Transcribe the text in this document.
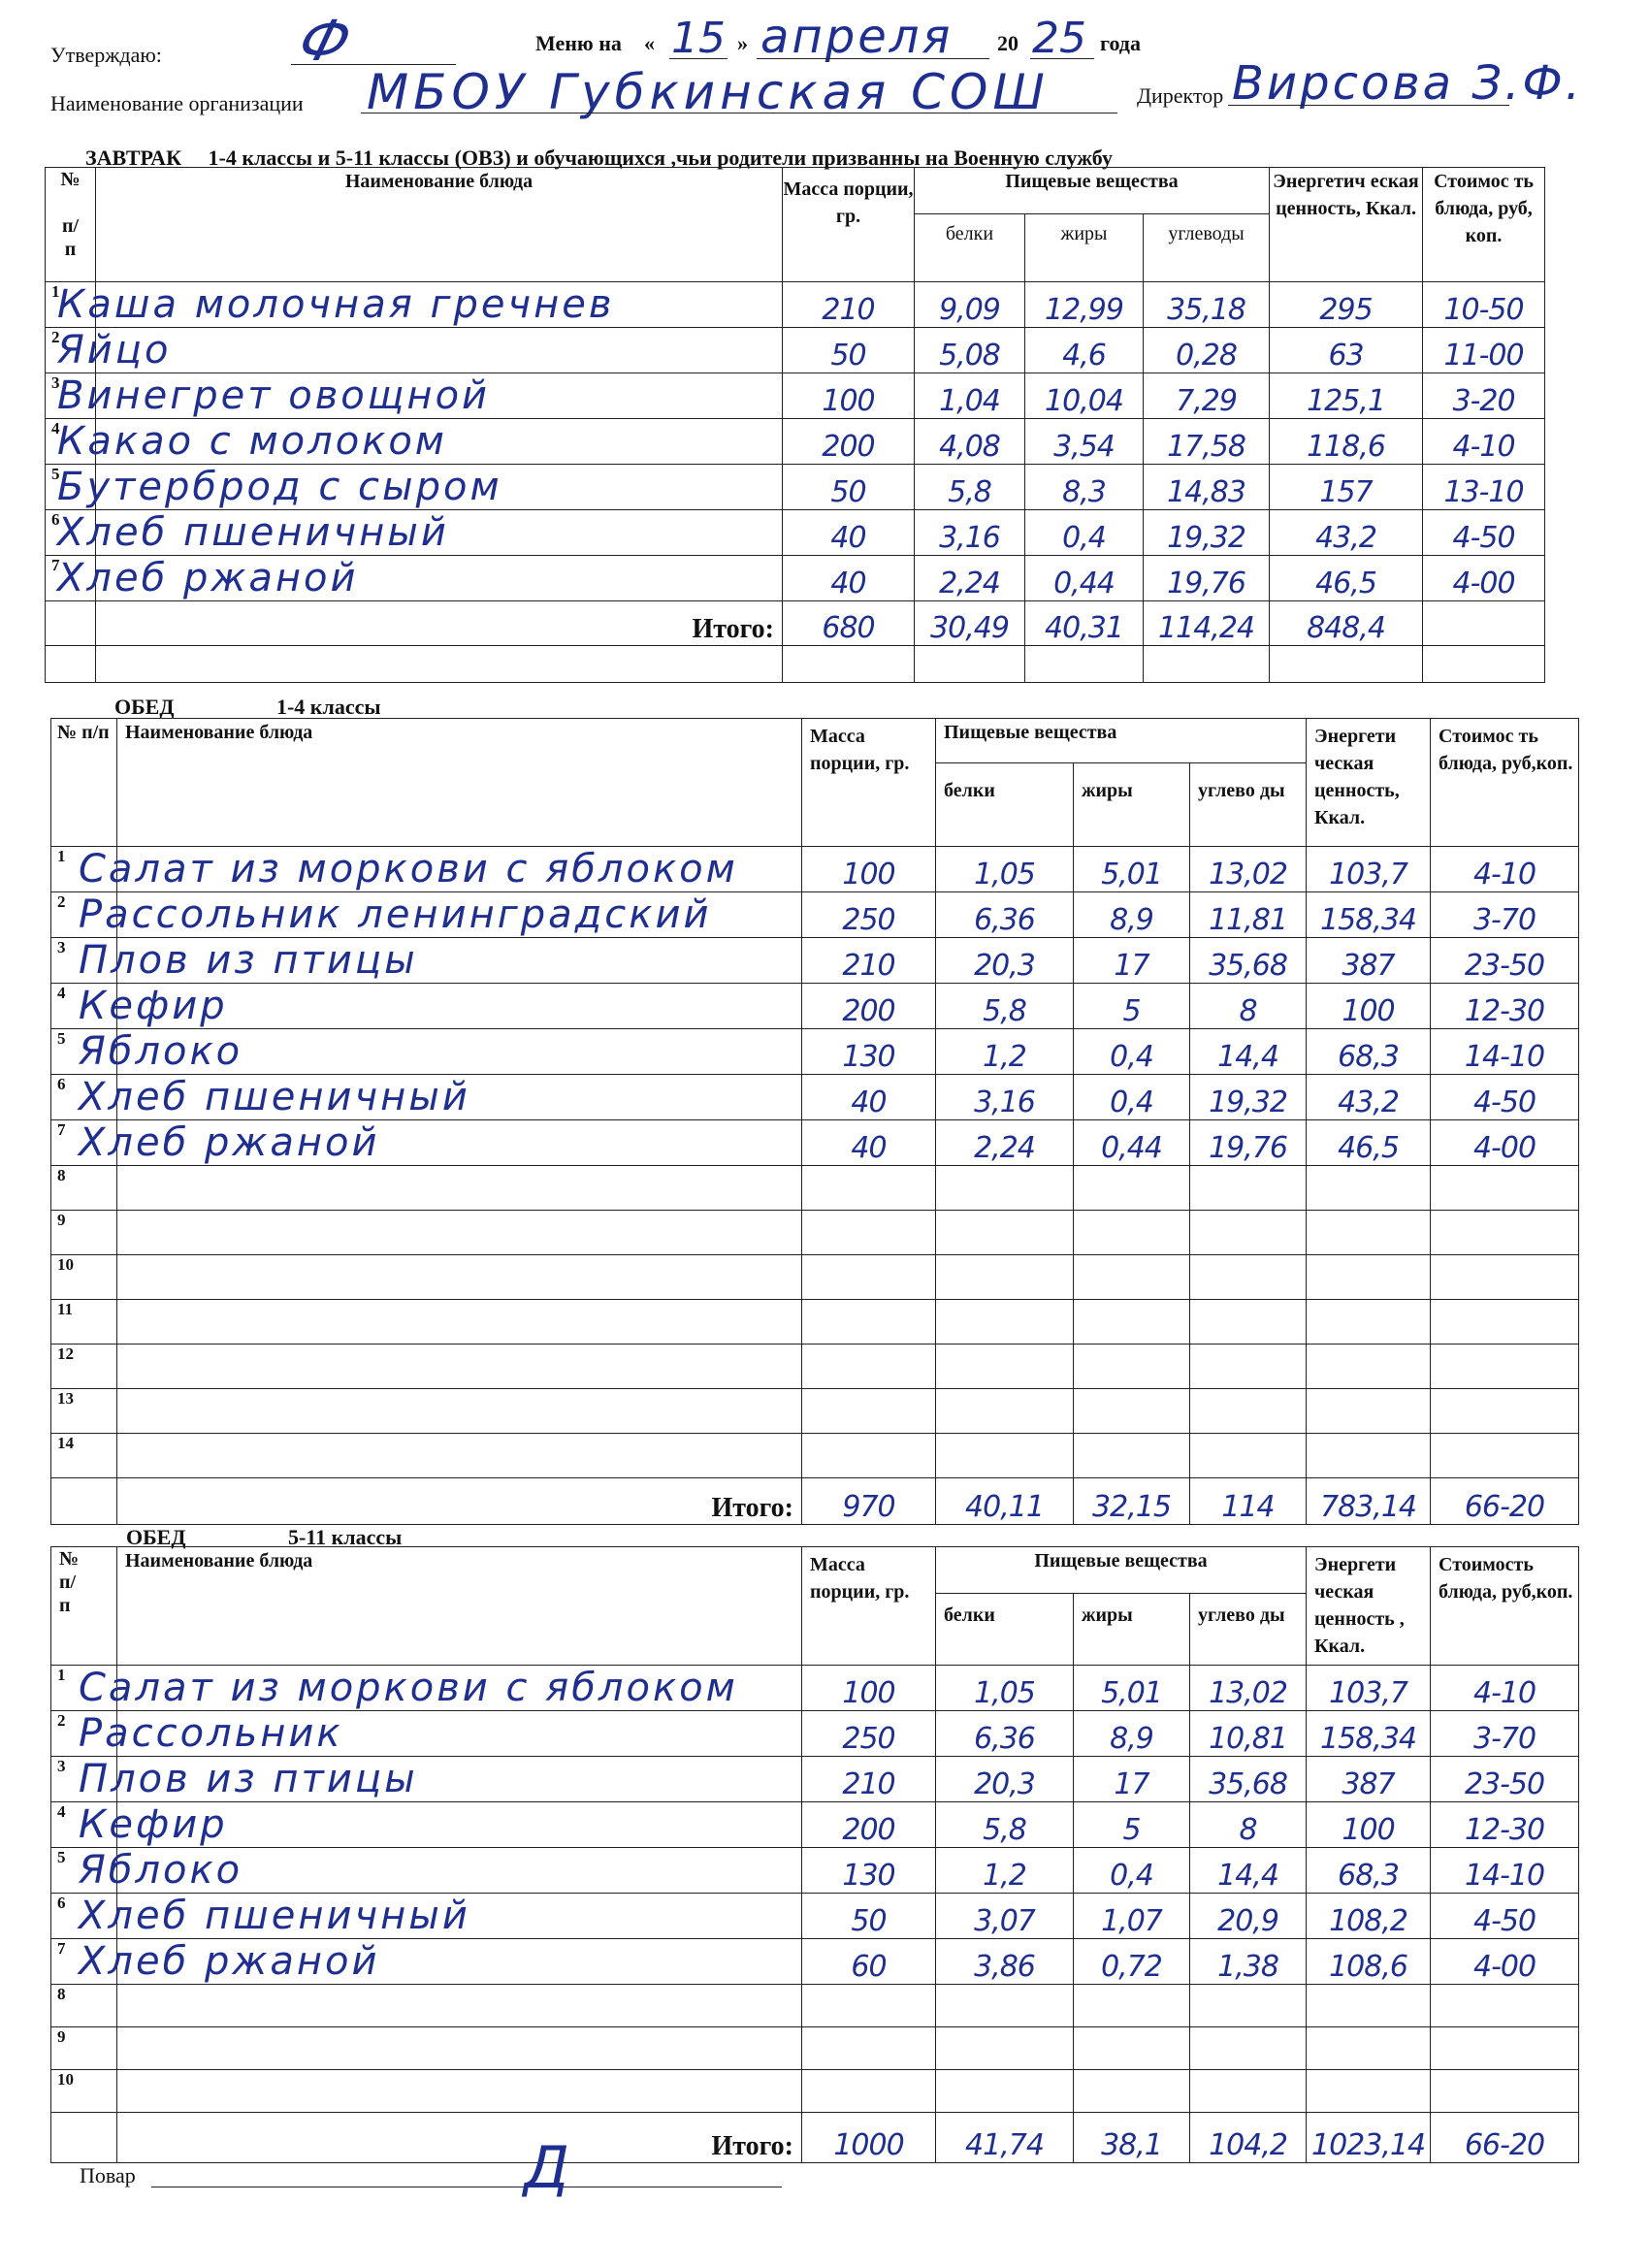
Утверждаю: Ф	Меню на « 15 » апреля 20 25 года
Наименование организации МБОУ Губкинская СОШ	Директор Вирсова З.Ф.
ЗАВТРАК 1-4 классы и 5-11 классы (ОВЗ) и обучающихся ,чьи родители призванны на Военную службу
№

п/
п	Наименование блюда	Масса порции, гр.	Пищевые вещества			Энергетич еская ценность, Ккал.	Стоимос ть блюда, руб, коп.
			белки	жиры	углеводы		
1	Каша молочная гречнев	210	9,09	12,99	35,18	295	10-50
2	Яйцо	50	5,08	4,6	0,28	63	11-00
3	Винегрет овощной	100	1,04	10,04	7,29	125,1	3-20
4	Какао с молоком	200	4,08	3,54	17,58	118,6	4-10
5	Бутерброд с сыром	50	5,8	8,3	14,83	157	13-10
6	Хлеб пшеничный	40	3,16	0,4	19,32	43,2	4-50
7	Хлеб ржаной	40	2,24	0,44	19,76	46,5	4-00
	Итого:	680	30,49	40,31	114,24	848,4	

ОБЕД	1-4 классы
№ п/п	Наименование блюда	Масса порции, гр.	Пищевые вещества			Энергети ческая ценность, Ккал.	Стоимос ть блюда, руб,коп.
			белки	жиры	углево ды		
1	Салат из моркови с яблоком	100	1,05	5,01	13,02	103,7	4-10
2	Рассольник ленинградский	250	6,36	8,9	11,81	158,34	3-70
3	Плов из птицы	210	20,3	17	35,68	387	23-50
4	Кефир	200	5,8	5	8	100	12-30
5	Яблоко	130	1,2	0,4	14,4	68,3	14-10
6	Хлеб пшеничный	40	3,16	0,4	19,32	43,2	4-50
7	Хлеб ржаной	40	2,24	0,44	19,76	46,5	4-00
8							
9							
10							
11							
12							
13							
14							
	Итого:	970	40,11	32,15	114	783,14	66-20
ОБЕД	5-11 классы
№
п/
п	Наименование блюда	Масса порции, гр.	Пищевые вещества			Энергети ческая ценность , Ккал.	Стоимость блюда, руб,коп.
			белки	жиры	углево ды		
1	Салат из моркови с яблоком	100	1,05	5,01	13,02	103,7	4-10
2	Рассольник	250	6,36	8,9	10,81	158,34	3-70
3	Плов из птицы	210	20,3	17	35,68	387	23-50
4	Кефир	200	5,8	5	8	100	12-30
5	Яблоко	130	1,2	0,4	14,4	68,3	14-10
6	Хлеб пшеничный	50	3,07	1,07	20,9	108,2	4-50
7	Хлеб ржаной	60	3,86	0,72	1,38	108,6	4-00
8							
9							
10							
	Итого:	1000	41,74	38,1	104,2	1023,14	66-20
Повар	Д
